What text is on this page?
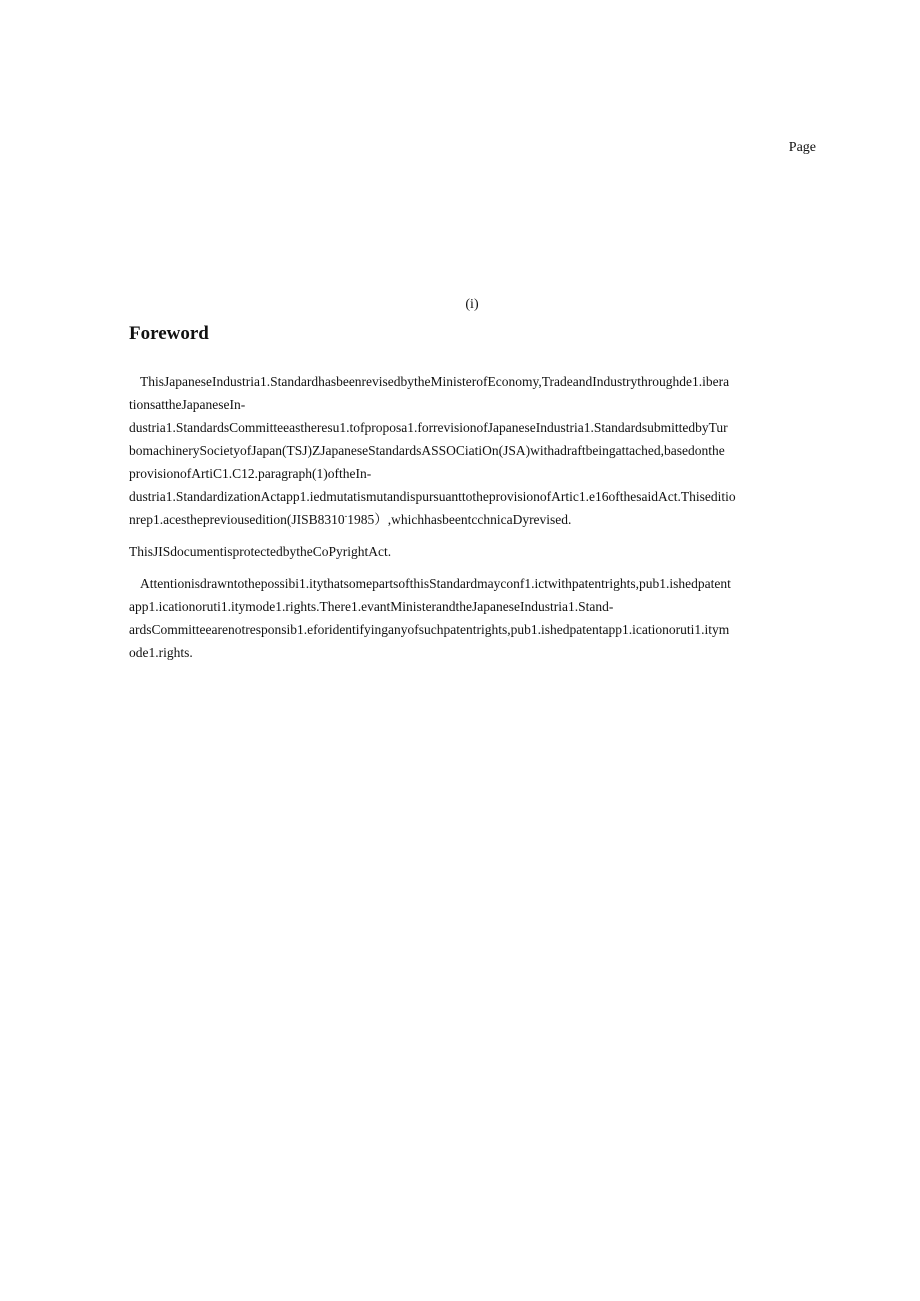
Page
(i)
Foreword
ThisJapaneseIndustria1.StandardhasbeenrevisedbytheMinisterofEconomy,TradeandIndustrythroughde1.ibera
tionsattheJapaneseIn-
dustria1.StandardsCommitteeastheresu1.tofproposa1.forrevisionofJapaneseIndustria1.StandardsubmittedbyTur
bomachinerySocietyofJapan(TSJ)ZJapaneseStandardsASSOCiatiOn(JSA)withadraftbeingattached,basedonthe
provisionofArtiC1.C12.paragraph(1)oftheIn-
dustria1.StandardizationActapp1.iedmutatismutandispursuanttotheprovisionofArtic1.e16ofthesaidAct.Thiseditio
nrep1.acesthepreviousedition(JISB8310-1985）,whichhasbeentcchnicaDyrevised.
ThisJISdocumentisprotectedbytheCoPyrightAct.
Attentionisdrawntothepossibi1.itythatsomepartsofthisStandardmayconf1.ictwithpatentrights,pub1.ishedpatent
app1.icationoruti1.itymode1.rights.There1.evantMinisterandtheJapaneseIndustria1.Stand-
ardsCommitteearenotresponsib1.eforidentifyinganyofsuchpatentrights,pub1.ishedpatentapp1.icationoruti1.itym
ode1.rights.
